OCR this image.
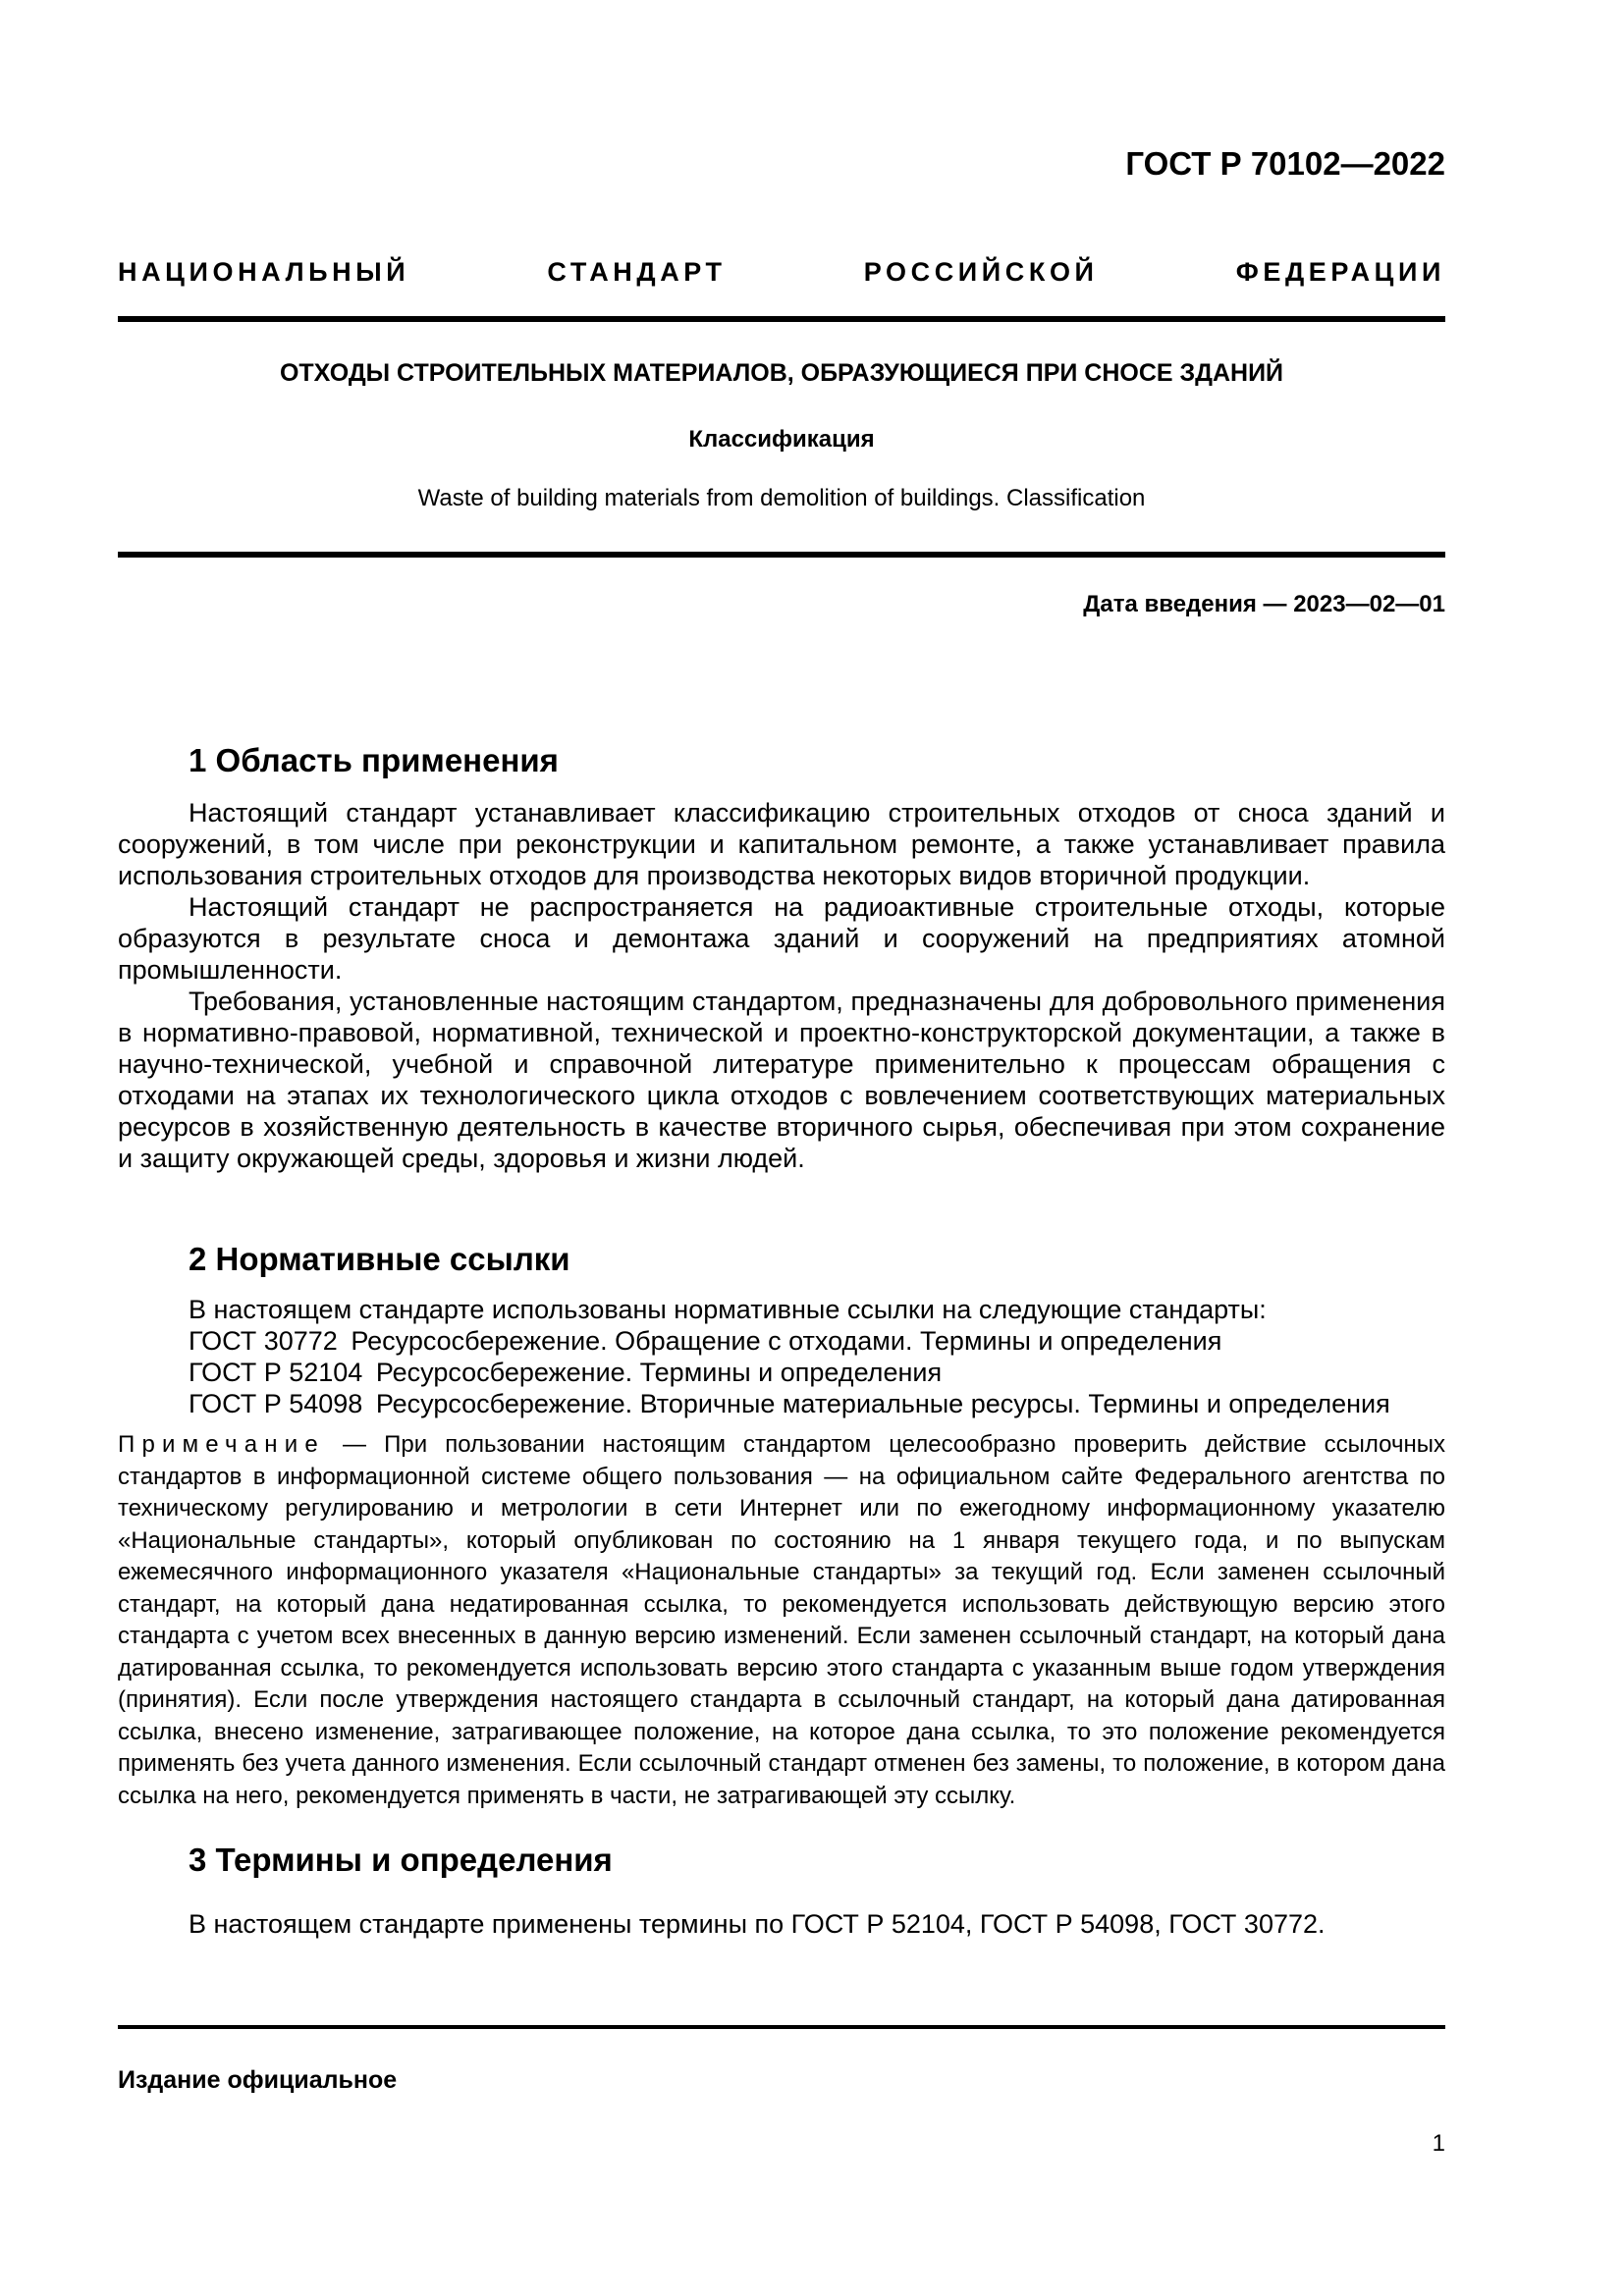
ГОСТ Р 70102—2022
НАЦИОНАЛЬНЫЙ СТАНДАРТ РОССИЙСКОЙ ФЕДЕРАЦИИ
ОТХОДЫ СТРОИТЕЛЬНЫХ МАТЕРИАЛОВ, ОБРАЗУЮЩИЕСЯ ПРИ СНОСЕ ЗДАНИЙ
Классификация
Waste of building materials from demolition of buildings. Classification
Дата введения — 2023—02—01
1 Область применения

Настоящий стандарт устанавливает классификацию строительных отходов от сноса зданий и сооружений, в том числе при реконструкции и капитальном ремонте, а также устанавливает правила использования строительных отходов для производства некоторых видов вторичной продукции.

Настоящий стандарт не распространяется на радиоактивные строительные отходы, которые образуются в результате сноса и демонтажа зданий и сооружений на предприятиях атомной промышленности.

Требования, установленные настоящим стандартом, предназначены для добровольного применения в нормативно-правовой, нормативной, технической и проектно-конструкторской документации, а также в научно-технической, учебной и справочной литературе применительно к процессам обращения с отходами на этапах их технологического цикла отходов с вовлечением соответствующих материальных ресурсов в хозяйственную деятельность в качестве вторичного сырья, обеспечивая при этом сохранение и защиту окружающей среды, здоровья и жизни людей.

2 Нормативные ссылки
В настоящем стандарте использованы нормативные ссылки на следующие стандарты:
ГОСТ 30772 Ресурсосбережение. Обращение с отходами. Термины и определения
ГОСТ Р 52104 Ресурсосбережение. Термины и определения
ГОСТ Р 54098 Ресурсосбережение. Вторичные материальные ресурсы. Термины и определения
Примечание — При пользовании настоящим стандартом целесообразно проверить действие ссылочных стандартов в информационной системе общего пользования — на официальном сайте Федерального агентства по техническому регулированию и метрологии в сети Интернет или по ежегодному информационному указателю «Национальные стандарты», который опубликован по состоянию на 1 января текущего года, и по выпускам ежемесячного информационного указателя «Национальные стандарты» за текущий год. Если заменен ссылочный стандарт, на который дана недатированная ссылка, то рекомендуется использовать действующую версию этого стандарта с учетом всех внесенных в данную версию изменений. Если заменен ссылочный стандарт, на который дана датированная ссылка, то рекомендуется использовать версию этого стандарта с указанным выше годом утверждения (принятия). Если после утверждения настоящего стандарта в ссылочный стандарт, на который дана датированная ссылка, внесено изменение, затрагивающее положение, на которое дана ссылка, то это положение рекомендуется применять без учета данного изменения. Если ссылочный стандарт отменен без замены, то положение, в котором дана ссылка на него, рекомендуется применять в части, не затрагивающей эту ссылку.
3 Термины и определения
В настоящем стандарте применены термины по ГОСТ Р 52104, ГОСТ Р 54098, ГОСТ 30772.
Издание официальное
1
